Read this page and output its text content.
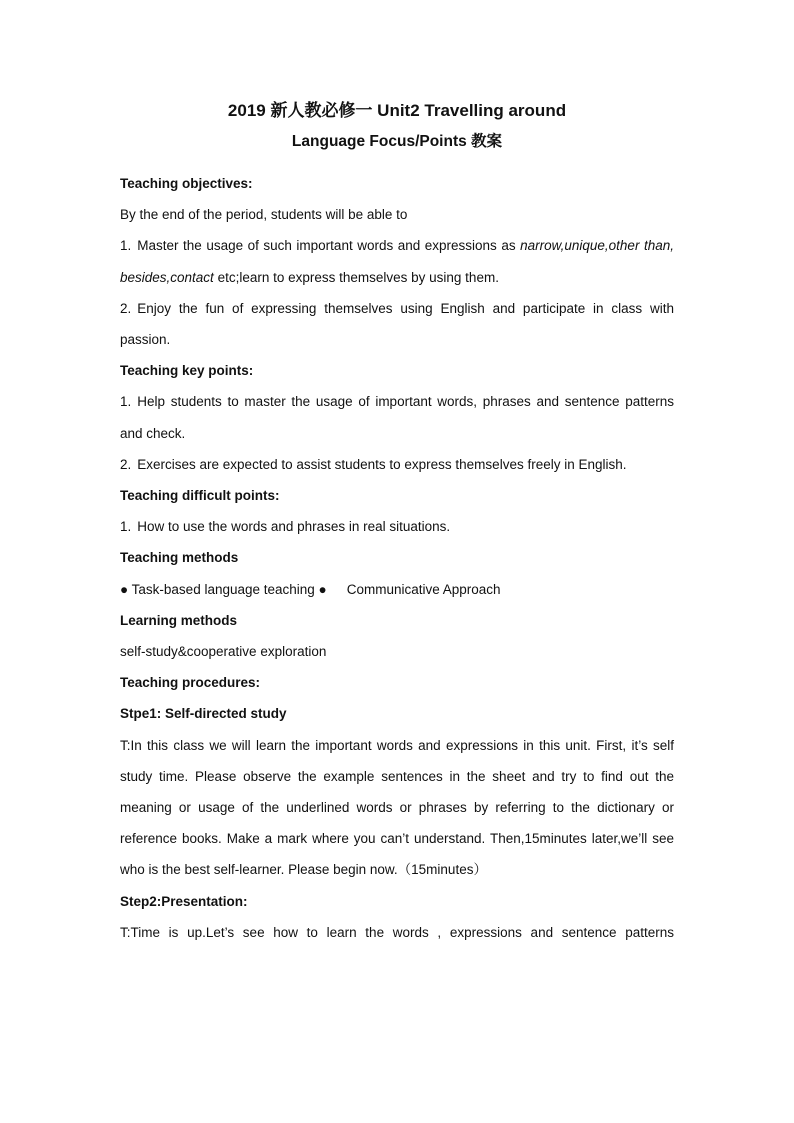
2019 新人教必修一 Unit2 Travelling around

Language Focus/Points 教案

Teaching objectives:

By the end of the period, students will be able to

1. Master the usage of such important words and expressions as narrow,unique,other than, besides,contact etc;learn to express themselves by using them.

2. Enjoy the fun of expressing themselves using English and participate in class with passion.

Teaching key points:

1. Help students to master the usage of important words, phrases and sentence patterns and check.

2. Exercises are expected to assist students to express themselves freely in English.

Teaching difficult points:

1. How to use the words and phrases in real situations.

Teaching methods

● Task-based language teaching ● Communicative Approach

Learning methods

self-study&cooperative exploration

Teaching procedures:

Stpe1: Self-directed study

T:In this class we will learn the important words and expressions in this unit. First, it’s self study time. Please observe the example sentences in the sheet and try to find out the meaning or usage of the underlined words or phrases by referring to the dictionary or reference books. Make a mark where you can’t understand. Then,15minutes later,we’ll see who is the best self-learner. Please begin now.（15minutes）

Step2:Presentation:

T:Time is up.Let’s see how to learn the words , expressions and sentence patterns
